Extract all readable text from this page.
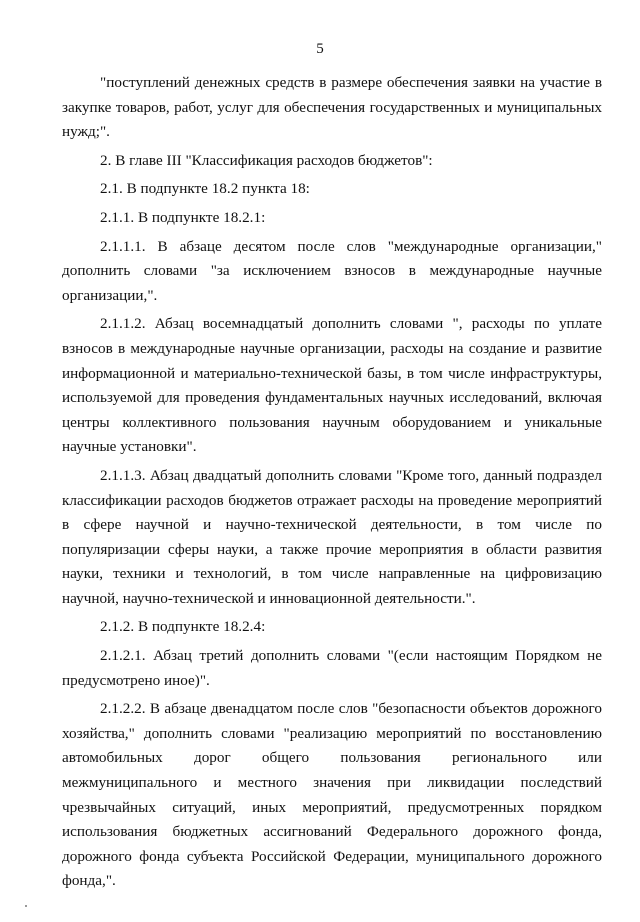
5

"поступлений денежных средств в размере обеспечения заявки на участие в закупке товаров, работ, услуг для обеспечения государственных и муниципальных нужд;".

2. В главе III "Классификация расходов бюджетов":

2.1. В подпункте 18.2 пункта 18:

2.1.1. В подпункте 18.2.1:

2.1.1.1. В абзаце десятом после слов "международные организации," дополнить словами "за исключением взносов в международные научные организации,".

2.1.1.2. Абзац восемнадцатый дополнить словами ", расходы по уплате взносов в международные научные организации, расходы на создание и развитие информационной и материально-технической базы, в том числе инфраструктуры, используемой для проведения фундаментальных научных исследований, включая центры коллективного пользования научным оборудованием и уникальные научные установки".

2.1.1.3. Абзац двадцатый дополнить словами "Кроме того, данный подраздел классификации расходов бюджетов отражает расходы на проведение мероприятий в сфере научной и научно-технической деятельности, в том числе по популяризации сферы науки, а также прочие мероприятия в области развития науки, техники и технологий, в том числе направленные на цифровизацию научной, научно-технической и инновационной деятельности.".

2.1.2. В подпункте 18.2.4:

2.1.2.1. Абзац третий дополнить словами "(если настоящим Порядком не предусмотрено иное)".

2.1.2.2. В абзаце двенадцатом после слов "безопасности объектов дорожного хозяйства," дополнить словами "реализацию мероприятий по восстановлению автомобильных дорог общего пользования регионального или межмуниципального и местного значения при ликвидации последствий чрезвычайных ситуаций, иных мероприятий, предусмотренных порядком использования бюджетных ассигнований Федерального дорожного фонда, дорожного фонда субъекта Российской Федерации, муниципального дорожного фонда,".
